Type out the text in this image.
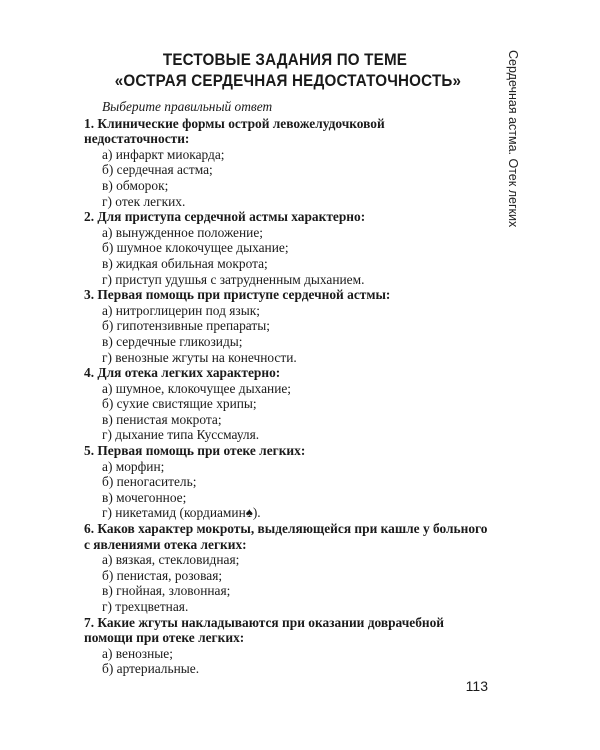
ТЕСТОВЫЕ ЗАДАНИЯ ПО ТЕМЕ
«ОСТРАЯ СЕРДЕЧНАЯ НЕДОСТАТОЧНОСТЬ»	Сердечная астма. Отек легких
Выберите правильный ответ
1. Клинические формы острой левожелудочковой недостаточности:
а) инфаркт миокарда;
б) сердечная астма;
в) обморок;
г) отек легких.
2. Для приступа сердечной астмы характерно:
а) вынужденное положение;
б) шумное клокочущее дыхание;
в) жидкая обильная мокрота;
г) приступ удушья с затрудненным дыханием.
3. Первая помощь при приступе сердечной астмы:
а) нитроглицерин под язык;
б) гипотензивные препараты;
в) сердечные гликозиды;
г) венозные жгуты на конечности.
4. Для отека легких характерно:
а) шумное, клокочущее дыхание;
б) сухие свистящие хрипы;
в) пенистая мокрота;
г) дыхание типа Куссмауля.
5. Первая помощь при отеке легких:
а) морфин;
б) пеногаситель;
в) мочегонное;
г) никетамид (кордиамин♠).
6. Каков характер мокроты, выделяющейся при кашле у больного с явлениями отека легких:
а) вязкая, стекловидная;
б) пенистая, розовая;
в) гнойная, зловонная;
г) трехцветная.
7. Какие жгуты накладываются при оказании доврачебной помощи при отеке легких:
а) венозные;
б) артериальные.
113
